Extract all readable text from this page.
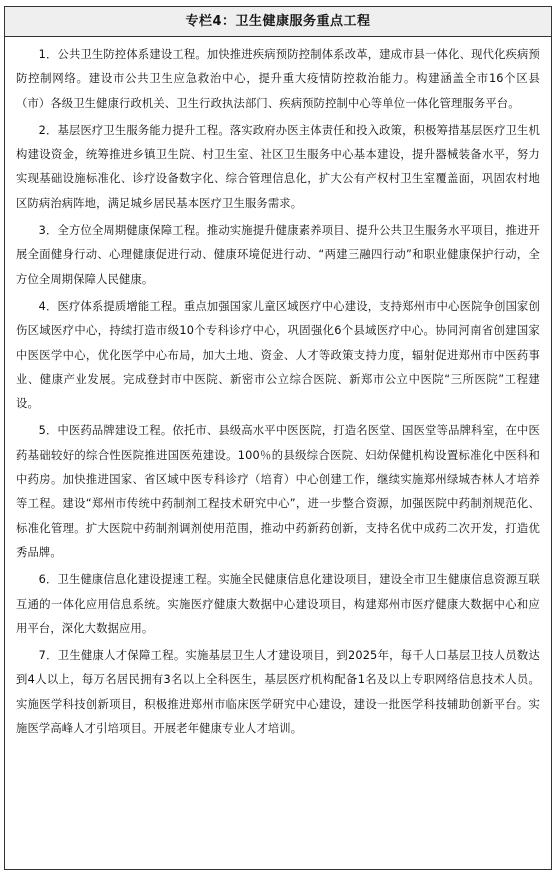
专栏4：卫生健康服务重点工程

1．公共卫生防控体系建设工程。加快推进疾病预防控制体系改革，建成市县一体化、现代化疾病预防控制网络。建设市公共卫生应急救治中心，提升重大疫情防控救治能力。构建涵盖全市16个区县（市）各级卫生健康行政机关、卫生行政执法部门、疾病预防控制中心等单位一体化管理服务平台。

2．基层医疗卫生服务能力提升工程。落实政府办医主体责任和投入政策，积极筹措基层医疗卫生机构建设资金，统筹推进乡镇卫生院、村卫生室、社区卫生服务中心基本建设，提升器械装备水平，努力实现基础设施标准化、诊疗设备数字化、综合管理信息化，扩大公有产权村卫生室覆盖面，巩固农村地区防病治病阵地，满足城乡居民基本医疗卫生服务需求。

3．全方位全周期健康保障工程。推动实施提升健康素养项目、提升公共卫生服务水平项目，推进开展全面健身行动、心理健康促进行动、健康环境促进行动、“两建三融四行动”和职业健康保护行动，全方位全周期保障人民健康。

4．医疗体系提质增能工程。重点加强国家儿童区域医疗中心建设，支持郑州市中心医院争创国家创伤区域医疗中心，持续打造市级10个专科诊疗中心，巩固强化6个县域医疗中心。协同河南省创建国家中医医学中心，优化医学中心布局，加大土地、资金、人才等政策支持力度，辐射促进郑州市中医药事业、健康产业发展。完成登封市中医院、新密市公立综合医院、新郑市公立中医院“三所医院”工程建设。

5．中医药品牌建设工程。依托市、县级高水平中医医院，打造名医堂、国医堂等品牌科室，在中医药基础较好的综合性医院推进国医苑建设。100％的县级综合医院、妇幼保健机构设置标准化中医科和中药房。加快推进国家、省区域中医专科诊疗（培育）中心创建工作，继续实施郑州绿城杏林人才培养等工程。建设“郑州市传统中药制剂工程技术研究中心”，进一步整合资源，加强医院中药制剂规范化、标准化管理。扩大医院中药制剂调剂使用范围，推动中药新药创新，支持名优中成药二次开发，打造优秀品牌。

6．卫生健康信息化建设提速工程。实施全民健康信息化建设项目，建设全市卫生健康信息资源互联互通的一体化应用信息系统。实施医疗健康大数据中心建设项目，构建郑州市医疗健康大数据中心和应用平台，深化大数据应用。

7．卫生健康人才保障工程。实施基层卫生人才建设项目，到2025年，每千人口基层卫技人员数达到4人以上，每万名居民拥有3名以上全科医生，基层医疗机构配备1名及以上专职网络信息技术人员。实施医学科技创新项目，积极推进郑州市临床医学研究中心建设，建设一批医学科技辅助创新平台。实施医学高峰人才引培项目。开展老年健康专业人才培训。
